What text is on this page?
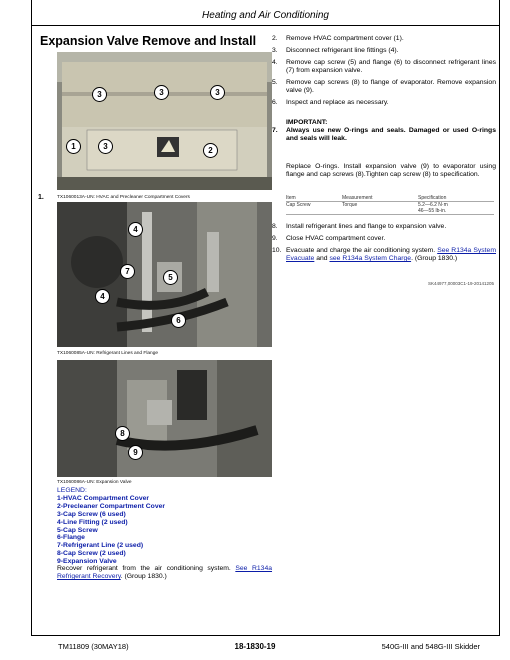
Heating and Air Conditioning
Expansion Valve Remove and Install
3	3	3
1	3	2
1.	TX1060013A-UN: HVAC and Precleaner Compartment Covers
4
7
5
4
6
TX1060085A-UN: Refrigerant Lines and Flange
8
9
TX1060086A-UN: Expansion Valve
LEGEND:
1-HVAC Compartment Cover
2-Precleaner Compartment Cover
3-Cap Screw (6 used)
4-Line Fitting (2 used)
5-Cap Screw
6-Flange
7-Refrigerant Line (2 used)
8-Cap Screw (2 used)
9-Expansion Valve
Recover refrigerant from the air conditioning system. See R134a Refrigerant Recovery. (Group 1830.)
2.	Remove HVAC compartment cover (1).
3.	Disconnect refrigerant line fittings (4).
4.	Remove cap screw (5) and flange (6) to disconnect refrigerant lines (7) from expansion valve.
5.	Remove cap screws (8) to flange of evaporator. Remove expansion valve (9).
6.	Inspect and replace as necessary.
IMPORTANT:
7.	Always use new O-rings and seals. Damaged or used O-rings and seals will leak.
Replace O-rings. Install expansion valve (9) to evaporator using flange and cap screws (8).Tighten cap screw (8) to specification.
Item	Measurement	Specification
Cap Screw	Torque	5.2—6.2 N·m
46—55 lb-in.
8.	Install refrigerant lines and flange to expansion valve.
9.	Close HVAC compartment cover.
10. Evacuate and charge the air conditioning system. See R134a System Evacuate and see R134a System Charge. (Group 1830.)
SK44977,00003C1-19-20141205
TM11809 (30MAY18)	18-1830-19	540G-III and 548G-III Skidder
